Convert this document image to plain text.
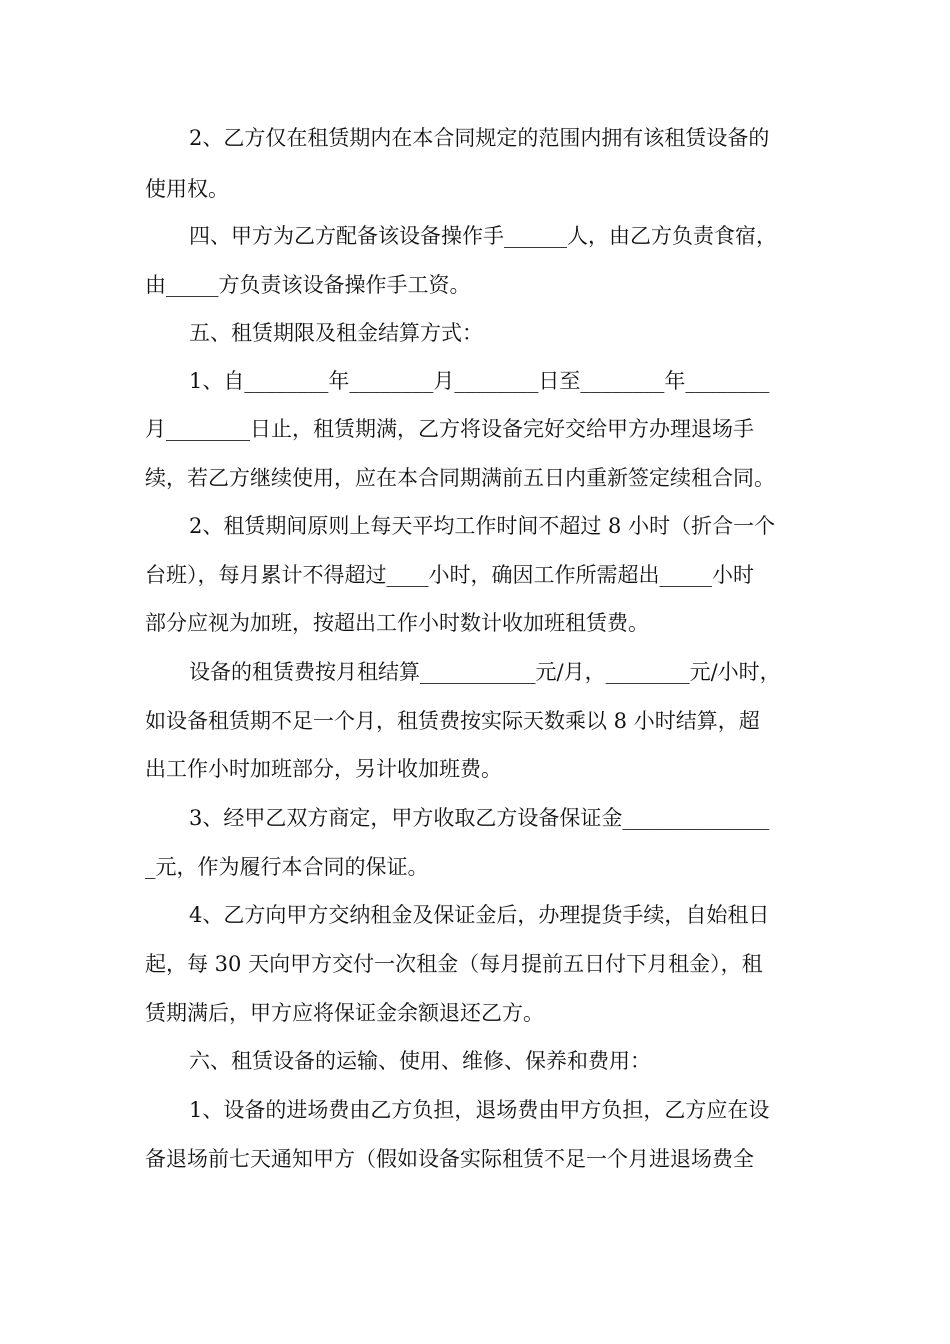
2、乙方仅在租赁期内在本合同规定的范围内拥有该租赁设备的
使用权。
四、甲方为乙方配备该设备操作手______人，由乙方负责食宿，
由_____方负责该设备操作手工资。
五、租赁期限及租金结算方式：
1、自________年________月________日至________年________
月________日止，租赁期满，乙方将设备完好交给甲方办理退场手
续，若乙方继续使用，应在本合同期满前五日内重新签定续租合同。
2、租赁期间原则上每天平均工作时间不超过 8 小时（折合一个
台班），每月累计不得超过____小时，确因工作所需超出_____小时
部分应视为加班，按超出工作小时数计收加班租赁费。
设备的租赁费按月租结算___________元/月，________元/小时，
如设备租赁期不足一个月，租赁费按实际天数乘以 8 小时结算，超
出工作小时加班部分，另计收加班费。
3、经甲乙双方商定，甲方收取乙方设备保证金______________
_元，作为履行本合同的保证。
4、乙方向甲方交纳租金及保证金后，办理提货手续，自始租日
起，每 30 天向甲方交付一次租金（每月提前五日付下月租金），租
赁期满后，甲方应将保证金余额退还乙方。
六、租赁设备的运输、使用、维修、保养和费用：
1、设备的进场费由乙方负担，退场费由甲方负担，乙方应在设
备退场前七天通知甲方（假如设备实际租赁不足一个月进退场费全
